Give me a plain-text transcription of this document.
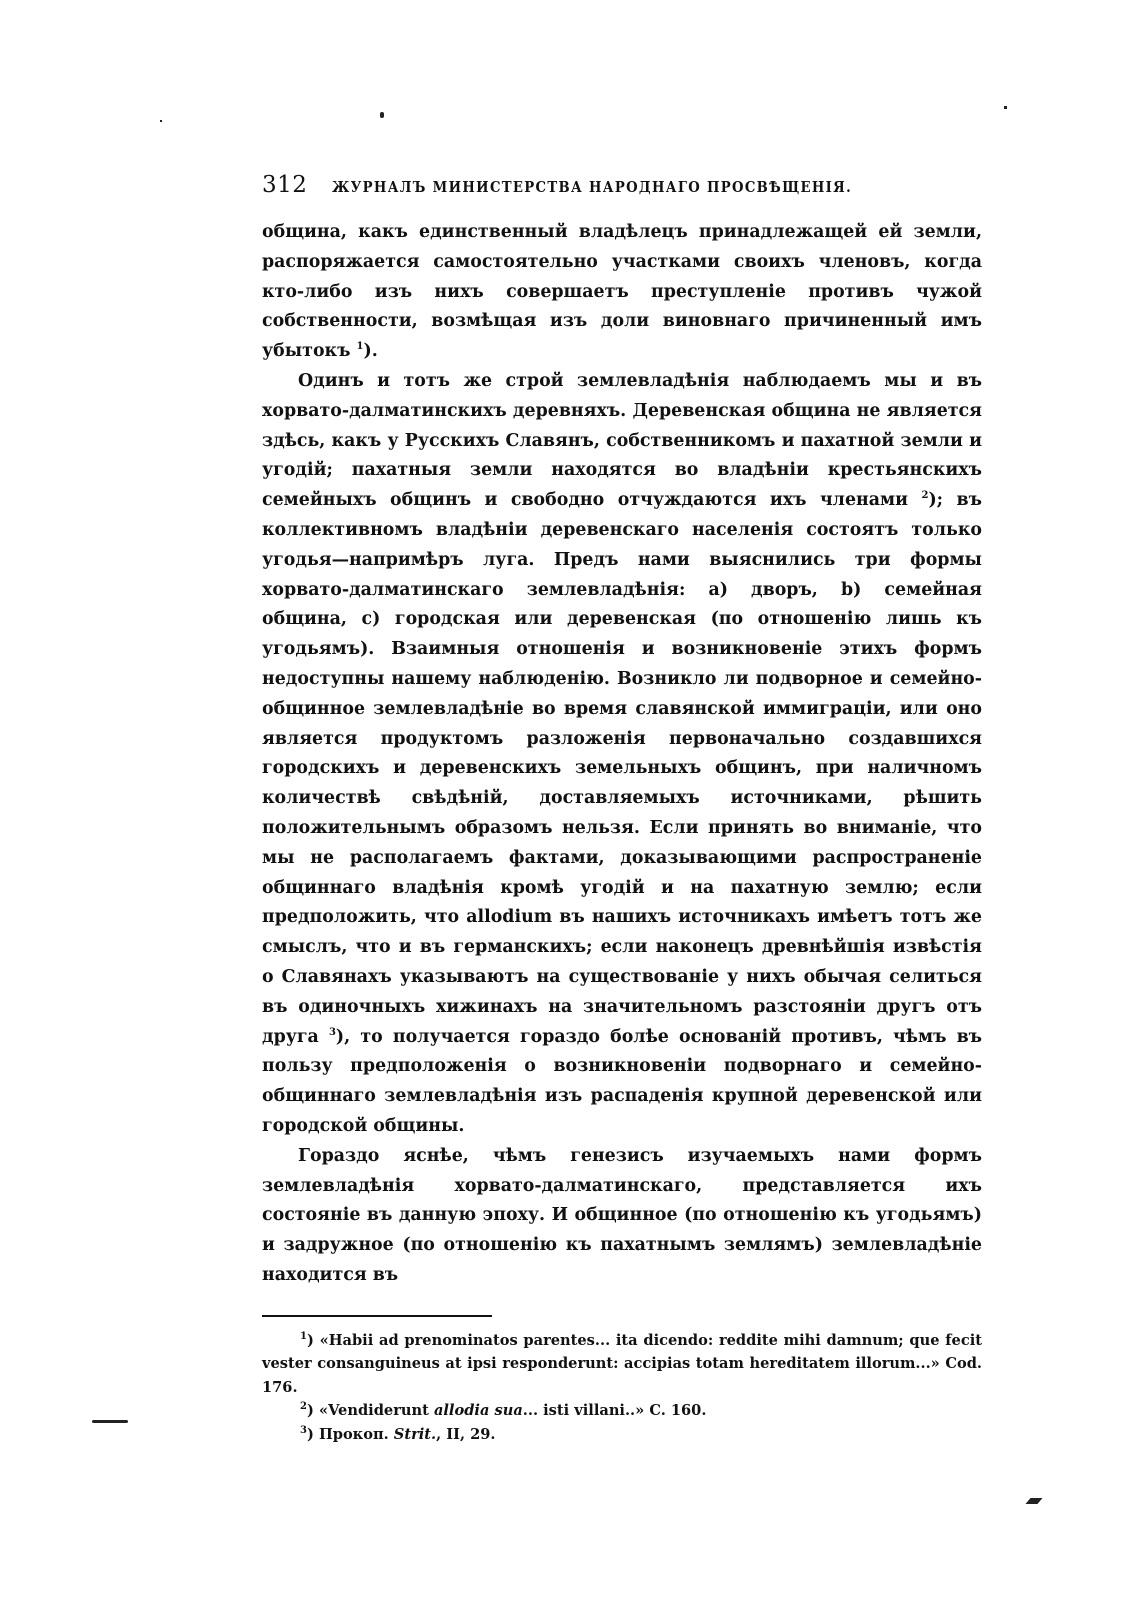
312	ЖУРНАЛЪ МИНИСТЕРСТВА НАРОДНАГО ПРОСВѢЩЕНІЯ.

община, какъ единственный владѣлецъ принадлежащей ей земли, распоряжается самостоятельно участками своихъ членовъ, когда кто-либо изъ нихъ совершаетъ преступленіе противъ чужой собственности, возмѣщая изъ доли виновнаго причиненный имъ убытокъ $^1$).

Одинъ и тотъ же строй землевладѣнія наблюдаемъ мы и въ хорвато-далматинскихъ деревняхъ. Деревенская община не является здѣсь, какъ у Русскихъ Славянъ, собственникомъ и пахатной земли и угодій; пахатныя земли находятся во владѣніи крестьянскихъ семейныхъ общинъ и свободно отчуждаются ихъ членами $^2$); въ коллективномъ владѣніи деревенскаго населенія состоятъ только угодья—напримѣръ луга. Предъ нами выяснились три формы хорвато-далматинскаго землевладѣнія: a) дворъ, b) семейная община, c) городская или деревенская (по отношенію лишь къ угодьямъ). Взаимныя отношенія и возникновеніе этихъ формъ недоступны нашему наблюденію. Возникло ли подворное и семейно-общинное землевладѣніе во время славянской иммиграціи, или оно является продуктомъ разложенія первоначально создавшихся городскихъ и деревенскихъ земельныхъ общинъ, при наличномъ количествѣ свѣдѣній, доставляемыхъ источниками, рѣшить положительнымъ образомъ нельзя. Если принять во вниманіе, что мы не располагаемъ фактами, доказывающими распространеніе общиннаго владѣнія кромѣ угодій и на пахатную землю; если предположить, что allodium въ нашихъ источникахъ имѣетъ тотъ же смыслъ, что и въ германскихъ; если наконецъ древнѣйшія извѣстія о Славянахъ указываютъ на существованіе у нихъ обычая селиться въ одиночныхъ хижинахъ на значительномъ разстояніи другъ отъ друга $^3$), то получается гораздо болѣе основаній противъ, чѣмъ въ пользу предположенія о возникновеніи подворнаго и семейно-общиннаго землевладѣнія изъ распаденія крупной деревенской или городской общины.

Гораздо яснѣе, чѣмъ генезисъ изучаемыхъ нами формъ землевладѣнія хорвато-далматинскаго, представляется ихъ состояніе въ данную эпоху. И общинное (по отношенію къ угодьямъ) и задружное (по отношенію къ пахатнымъ землямъ) землевладѣніе находится въ

$^1$) «Habii ad prenominatos parentes... ita dicendo: reddite mihi damnum; que fecit vester consanguineus at ipsi responderunt: accipias totam hereditatem illorum...» Cod. 176.

$^2$) «Vendiderunt allodia sua... isti villani..» C. 160.

$^3$) Прокоп. Strit., II, 29.
